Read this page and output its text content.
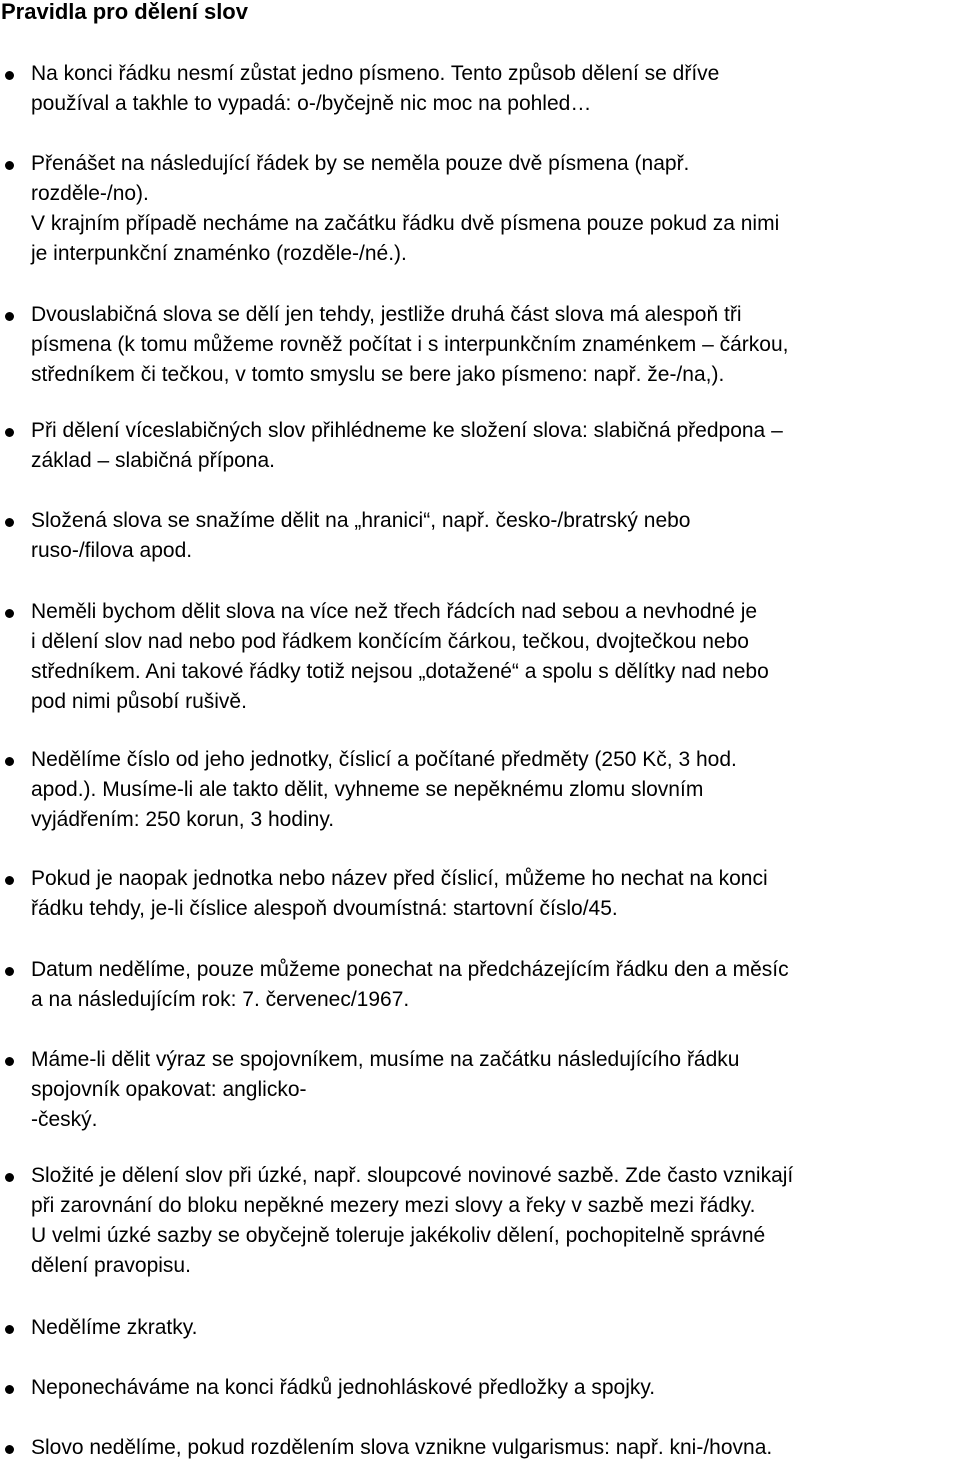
Pravidla pro dělení slov

Na konci řádku nesmí zůstat jedno písmeno. Tento způsob dělení se dříve

používal a takhle to vypadá: o-/byčejně nic moc na pohled…

Přenášet na následující řádek by se neměla pouze dvě písmena (např.

rozděle-/no).

V krajním případě necháme na začátku řádku dvě písmena pouze pokud za nimi

je interpunkční znaménko (rozděle-/né.).

Dvouslabičná slova se dělí jen tehdy, jestliže druhá část slova má alespoň tři

písmena (k tomu můžeme rovněž počítat i s interpunkčním znaménkem – čárkou,

středníkem či tečkou, v tomto smyslu se bere jako písmeno: např. že-/na,).

Při dělení víceslabičných slov přihlédneme ke složení slova: slabičná předpona –

základ – slabičná přípona.

Složená slova se snažíme dělit na „hranici“, např. česko-/bratrský nebo

ruso-/filova apod.

Neměli bychom dělit slova na více než třech řádcích nad sebou a nevhodné je

i dělení slov nad nebo pod řádkem končícím čárkou, tečkou, dvojtečkou nebo

středníkem. Ani takové řádky totiž nejsou „dotažené“ a spolu s dělítky nad nebo

pod nimi působí rušivě.

Nedělíme číslo od jeho jednotky, číslicí a počítané předměty (250 Kč, 3 hod.

apod.). Musíme-li ale takto dělit, vyhneme se nepěknému zlomu slovním

vyjádřením: 250 korun, 3 hodiny.

Pokud je naopak jednotka nebo název před číslicí, můžeme ho nechat na konci

řádku tehdy, je-li číslice alespoň dvoumístná: startovní číslo/45.

Datum nedělíme, pouze můžeme ponechat na předcházejícím řádku den a měsíc

a na následujícím rok: 7. červenec/1967.

Máme-li dělit výraz se spojovníkem, musíme na začátku následujícího řádku

spojovník opakovat: anglicko-

-český.

Složité je dělení slov při úzké, např. sloupcové novinové sazbě. Zde často vznikají

při zarovnání do bloku nepěkné mezery mezi slovy a řeky v sazbě mezi řádky.

U velmi úzké sazby se obyčejně toleruje jakékoliv dělení, pochopitelně správné

dělení pravopisu.

Nedělíme zkratky.

Neponecháváme na konci řádků jednohláskové předložky a spojky.

Slovo nedělíme, pokud rozdělením slova vznikne vulgarismus: např. kni-/hovna.
